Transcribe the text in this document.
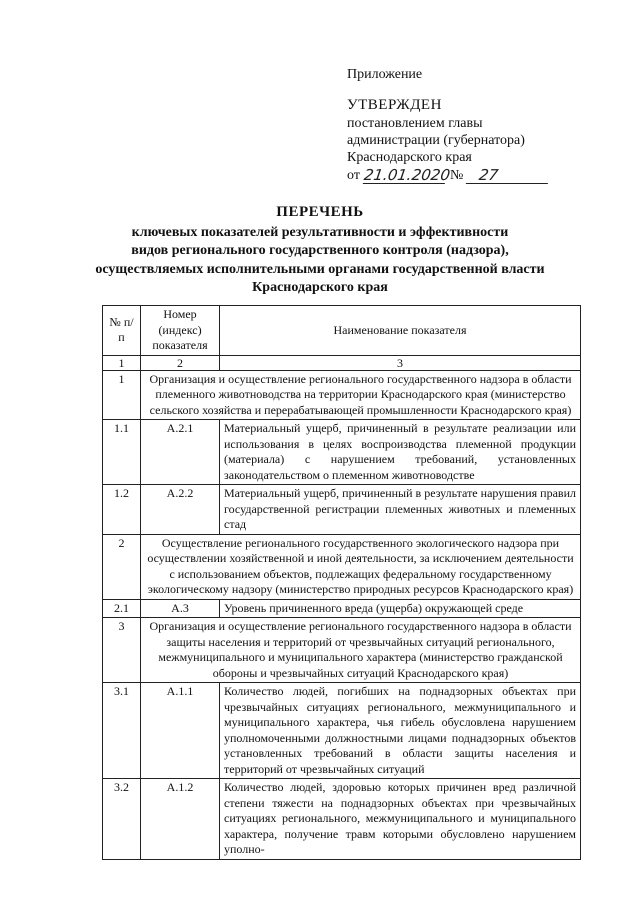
Приложение
УТВЕРЖДЕН
постановлением главы
администрации (губернатора)
Краснодарского края
от 21.01.2020
№ 27
ПЕРЕЧЕНЬ
ключевых показателей результативности и эффективности
видов регионального государственного контроля (надзора),
осуществляемых исполнительными органами государственной власти
Краснодарского края
№ п/п	Номер (индекс) показателя	Наименование показателя
1	2	3
1	Организация и осуществление регионального государственного надзора в области племенного животноводства на территории Краснодарского края (министерство сельского хозяйства и перерабатывающей промышленности Краснодарского края)	
1.1	А.2.1	Материальный ущерб, причиненный в результате реализации или использования в целях воспроизводства племенной продукции (материала) с нарушением требований, установленных законодательством о племенном животноводстве
1.2	А.2.2	Материальный ущерб, причиненный в результате нарушения правил государственной регистрации племенных животных и племенных стад
2	Осуществление регионального государственного экологического надзора при осуществлении хозяйственной и иной деятельности, за исключением деятельности с использованием объектов, подлежащих федеральному государственному экологическому надзору (министерство природных ресурсов Краснодарского края)	
2.1	А.3	Уровень причиненного вреда (ущерба) окружающей среде
3	Организация и осуществление регионального государственного надзора в области защиты населения и территорий от чрезвычайных ситуаций регионального, межмуниципального и муниципального характера (министерство гражданской обороны и чрезвычайных ситуаций Краснодарского края)	
3.1	А.1.1	Количество людей, погибших на поднадзорных объектах при чрезвычайных ситуациях регионального, межмуниципального и муниципального характера, чья гибель обусловлена нарушением уполномоченными должностными лицами поднадзорных объектов установленных требований в области защиты населения и территорий от чрезвычайных ситуаций
3.2	А.1.2	Количество людей, здоровью которых причинен вред различной степени тяжести на поднадзорных объектах при чрезвычайных ситуациях регионального, межмуниципального и муниципального характера, получение травм которыми обусловлено нарушением уполно-
